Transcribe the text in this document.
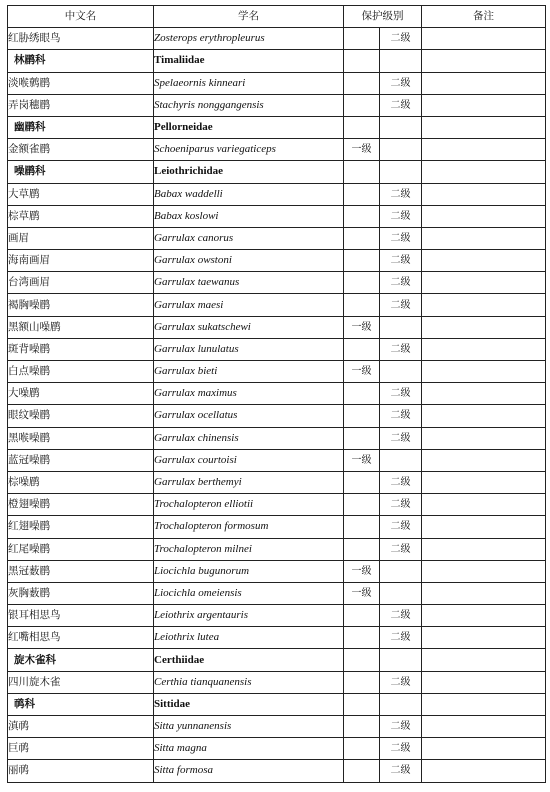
中文名	学名	保护级别		备注
红胁绣眼鸟	Zosterops erythropleurus		二级	
林鹛科	Timaliidae			
淡喉鹩鹛	Spelaeornis kinneari		二级	
弄岗穗鹛	Stachyris nonggangensis		二级	
幽鹛科	Pellorneidae			
金额雀鹛	Schoeniparus variegaticeps	一级		
噪鹛科	Leiothrichidae			
大草鹛	Babax waddelli		二级	
棕草鹛	Babax koslowi		二级	
画眉	Garrulax canorus		二级	
海南画眉	Garrulax owstoni		二级	
台湾画眉	Garrulax taewanus		二级	
褐胸噪鹛	Garrulax maesi		二级	
黑额山噪鹛	Garrulax sukatschewi	一级		
斑背噪鹛	Garrulax lunulatus		二级	
白点噪鹛	Garrulax bieti	一级		
大噪鹛	Garrulax maximus		二级	
眼纹噪鹛	Garrulax ocellatus		二级	
黑喉噪鹛	Garrulax chinensis		二级	
蓝冠噪鹛	Garrulax courtoisi	一级		
棕噪鹛	Garrulax berthemyi		二级	
橙翅噪鹛	Trochalopteron elliotii		二级	
红翅噪鹛	Trochalopteron formosum		二级	
红尾噪鹛	Trochalopteron milnei		二级	
黑冠薮鹛	Liocichla bugunorum	一级		
灰胸薮鹛	Liocichla omeiensis	一级		
银耳相思鸟	Leiothrix argentauris		二级	
红嘴相思鸟	Leiothrix lutea		二级	
旋木雀科	Certhiidae			
四川旋木雀	Certhia tianquanensis		二级	
䴓科	Sittidae			
滇䴓	Sitta yunnanensis		二级	
巨䴓	Sitta magna		二级	
丽䴓	Sitta formosa		二级	
